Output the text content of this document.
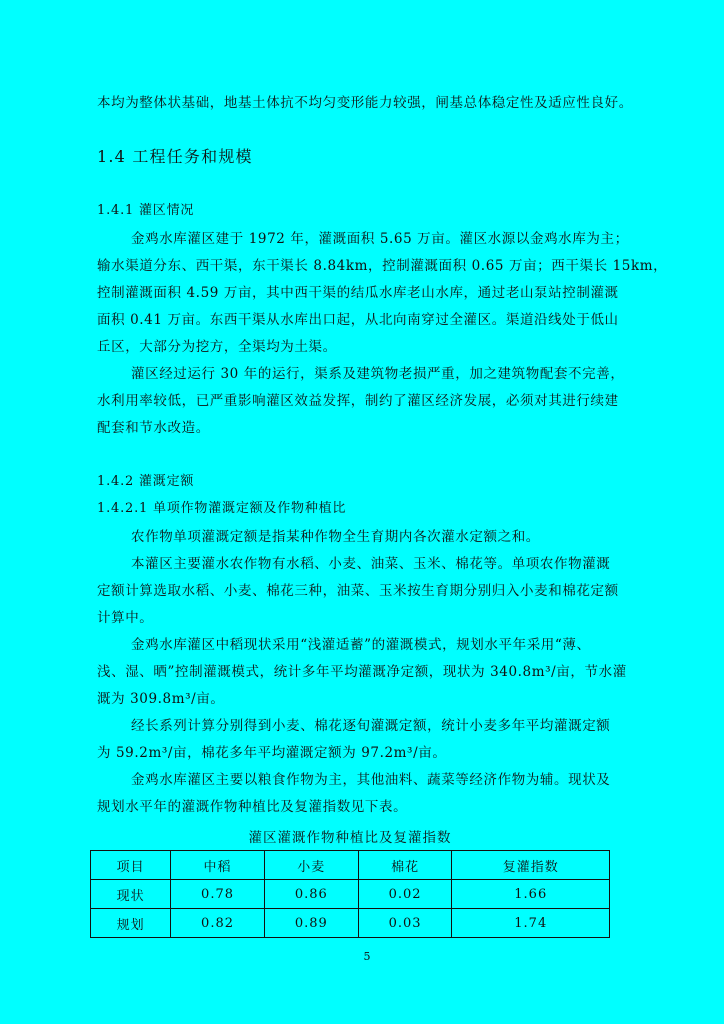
本均为整体状基础，地基土体抗不均匀变形能力较强，闸基总体稳定性及适应性良好。
1.4 工程任务和规模
1.4.1 灌区情况
金鸡水库灌区建于 1972 年，灌溉面积 5.65 万亩。灌区水源以金鸡水库为主；
输水渠道分东、西干渠，东干渠长 8.84km，控制灌溉面积 0.65 万亩；西干渠长 15km，
控制灌溉面积 4.59 万亩，其中西干渠的结瓜水库老山水库，通过老山泵站控制灌溉
面积 0.41 万亩。东西干渠从水库出口起，从北向南穿过全灌区。渠道沿线处于低山
丘区，大部分为挖方，全渠均为土渠。
灌区经过运行 30 年的运行，渠系及建筑物老损严重，加之建筑物配套不完善，
水利用率较低，已严重影响灌区效益发挥，制约了灌区经济发展，必须对其进行续建
配套和节水改造。
1.4.2 灌溉定额
1.4.2.1 单项作物灌溉定额及作物种植比
农作物单项灌溉定额是指某种作物全生育期内各次灌水定额之和。
本灌区主要灌水农作物有水稻、小麦、油菜、玉米、棉花等。单项农作物灌溉
定额计算选取水稻、小麦、棉花三种，油菜、玉米按生育期分别归入小麦和棉花定额
计算中。
金鸡水库灌区中稻现状采用“浅灌适蓄”的灌溉模式，规划水平年采用“薄、
浅、湿、晒”控制灌溉模式，统计多年平均灌溉净定额，现状为 340.8m³/亩，节水灌
溉为 309.8m³/亩。
经长系列计算分别得到小麦、棉花逐旬灌溉定额，统计小麦多年平均灌溉定额
为 59.2m³/亩，棉花多年平均灌溉定额为 97.2m³/亩。
金鸡水库灌区主要以粮食作物为主，其他油料、蔬菜等经济作物为辅。现状及
规划水平年的灌溉作物种植比及复灌指数见下表。
灌区灌溉作物种植比及复灌指数
项目	中稻	小麦	棉花	复灌指数
现状	0.78	0.86	0.02	1.66
规划	0.82	0.89	0.03	1.74
5
